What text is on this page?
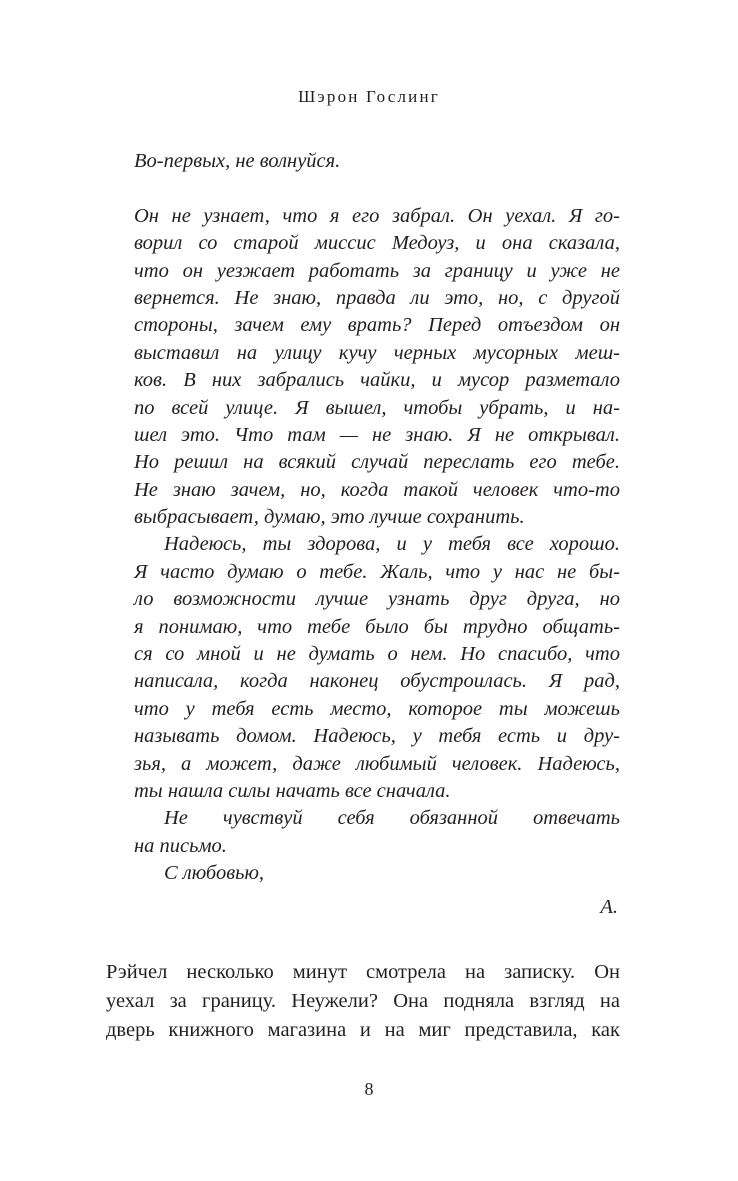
Шэрон Гослинг
Во-первых, не волнуйся.
Он не узнает, что я его забрал. Он уехал. Я го-
ворил со старой миссис Медоуз, и она сказала,
что он уезжает работать за границу и уже не
вернется. Не знаю, правда ли это, но, с другой
стороны, зачем ему врать? Перед отъездом он
выставил на улицу кучу черных мусорных меш-
ков. В них забрались чайки, и мусор разметало
по всей улице. Я вышел, чтобы убрать, и на-
шел это. Что там — не знаю. Я не открывал.
Но решил на всякий случай переслать его тебе.
Не знаю зачем, но, когда такой человек что-то
выбрасывает, думаю, это лучше сохранить.
Надеюсь, ты здорова, и у тебя все хорошо.
Я часто думаю о тебе. Жаль, что у нас не бы-
ло возможности лучше узнать друг друга, но
я понимаю, что тебе было бы трудно общать-
ся со мной и не думать о нем. Но спасибо, что
написала, когда наконец обустроилась. Я рад,
что у тебя есть место, которое ты можешь
называть домом. Надеюсь, у тебя есть и дру-
зья, а может, даже любимый человек. Надеюсь,
ты нашла силы начать все сначала.
Не чувствуй себя обязанной отвечать
на письмо.
С любовью,
А.
Рэйчел несколько минут смотрела на записку. Он
уехал за границу. Неужели? Она подняла взгляд на
дверь книжного магазина и на миг представила, как
8
